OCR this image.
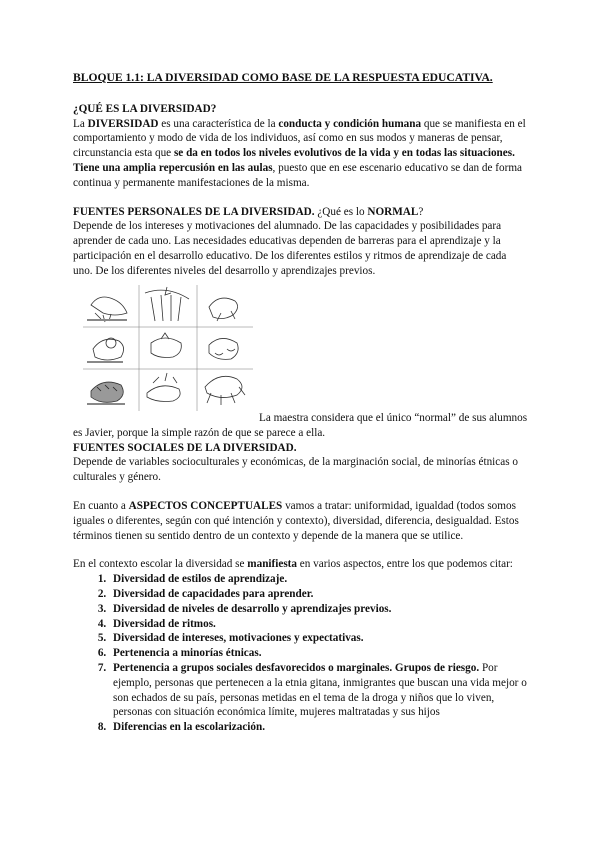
BLOQUE 1.1: LA DIVERSIDAD COMO BASE DE LA RESPUESTA EDUCATIVA.
¿QUÉ ES LA DIVERSIDAD?

La DIVERSIDAD es una característica de la conducta y condición humana que se manifiesta en el comportamiento y modo de vida de los individuos, así como en sus modos y maneras de pensar, circunstancia esta que se da en todos los niveles evolutivos de la vida y en todas las situaciones. Tiene una amplia repercusión en las aulas, puesto que en ese escenario educativo se dan de forma continua y permanente manifestaciones de la misma.

FUENTES PERSONALES DE LA DIVERSIDAD. ¿Qué es lo NORMAL?

Depende de los intereses y motivaciones del alumnado. De las capacidades y posibilidades para aprender de cada uno. Las necesidades educativas dependen de barreras para el aprendizaje y la participación en el desarrollo educativo. De los diferentes estilos y ritmos de aprendizaje de cada uno. De los diferentes niveles del desarrollo y aprendizajes previos.

La maestra considera que el único “normal” de sus alumnos
es Javier, porque la simple razón de que se parece a ella.
FUENTES SOCIALES DE LA DIVERSIDAD.

Depende de variables socioculturales y económicas, de la marginación social, de minorías étnicas o culturales y género.

En cuanto a ASPECTOS CONCEPTUALES vamos a tratar: uniformidad, igualdad (todos somos iguales o diferentes, según con qué intención y contexto), diversidad, diferencia, desigualdad. Estos términos tienen su sentido dentro de un contexto y depende de la manera que se utilice.

En el contexto escolar la diversidad se manifiesta en varios aspectos, entre los que podemos citar:

1. Diversidad de estilos de aprendizaje.
2. Diversidad de capacidades para aprender.
3. Diversidad de niveles de desarrollo y aprendizajes previos.
4. Diversidad de ritmos.
5. Diversidad de intereses, motivaciones y expectativas.
6. Pertenencia a minorías étnicas.
7. Pertenencia a grupos sociales desfavorecidos o marginales. Grupos de riesgo. Por ejemplo, personas que pertenecen a la etnia gitana, inmigrantes que buscan una vida mejor o son echados de su país, personas metidas en el tema de la droga y niños que lo viven, personas con situación económica límite, mujeres maltratadas y sus hijos
8. Diferencias en la escolarización.
